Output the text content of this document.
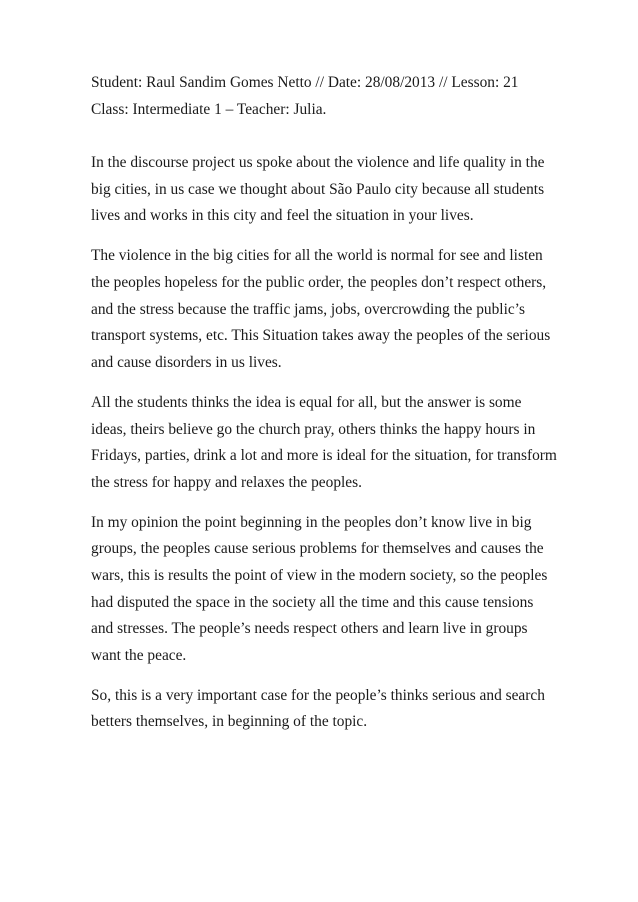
Student: Raul Sandim Gomes Netto // Date: 28/08/2013 // Lesson: 21

Class: Intermediate 1 – Teacher: Julia.

In the discourse project us spoke about the violence and life quality in the
big cities, in us case we thought about São Paulo city because all students
lives and works in this city and feel the situation in your lives.

The violence in the big cities for all the world is normal for see and listen
the peoples hopeless for the public order, the peoples don’t respect others,
and the stress because the traffic jams, jobs, overcrowding the public’s
transport systems, etc. This Situation takes away the peoples of the serious
and cause disorders in us lives.

All the students thinks the idea is equal for all, but the answer is some
ideas, theirs believe go the church pray, others thinks the happy hours in
Fridays, parties, drink a lot and more is ideal for the situation, for transform
the stress for happy and relaxes the peoples.

In my opinion the point beginning in the peoples don’t know live in big
groups, the peoples cause serious problems for themselves and causes the
wars, this is results the point of view in the modern society, so the peoples
had disputed the space in the society all the time and this cause tensions
and stresses. The people’s needs respect others and learn live in groups
want the peace.

So, this is a very important case for the people’s thinks serious and search
betters themselves, in beginning of the topic.
